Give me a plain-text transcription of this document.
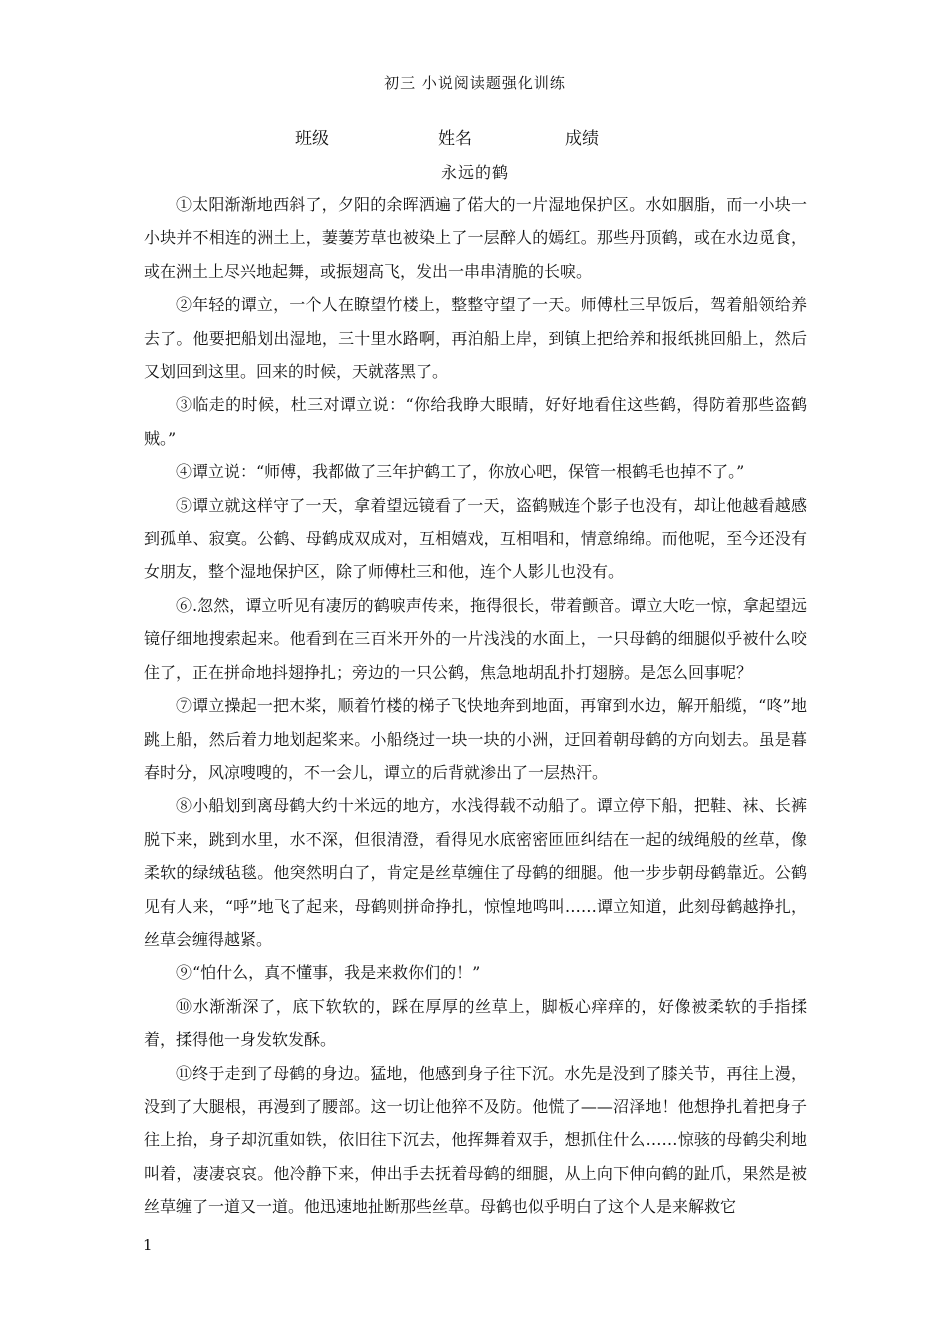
初三 小说阅读题强化训练
班级	姓名	成绩
永远的鹤

①太阳渐渐地西斜了，夕阳的余晖洒遍了偌大的一片湿地保护区。水如胭脂，而一小块一小块并不相连的洲土上，萋萋芳草也被染上了一层醉人的嫣红。那些丹顶鹤，或在水边觅食，或在洲土上尽兴地起舞，或振翅高飞，发出一串串清脆的长唳。

②年轻的谭立，一个人在瞭望竹楼上，整整守望了一天。师傅杜三早饭后，驾着船领给养去了。他要把船划出湿地，三十里水路啊，再泊船上岸，到镇上把给养和报纸挑回船上，然后又划回到这里。回来的时候，天就落黑了。

③临走的时候，杜三对谭立说：“你给我睁大眼睛，好好地看住这些鹤，得防着那些盗鹤贼。”

④谭立说：“师傅，我都做了三年护鹤工了，你放心吧，保管一根鹤毛也掉不了。”

⑤谭立就这样守了一天，拿着望远镜看了一天，盗鹤贼连个影子也没有，却让他越看越感到孤单、寂寞。公鹤、母鹤成双成对，互相嬉戏，互相唱和，情意绵绵。而他呢，至今还没有女朋友，整个湿地保护区，除了师傅杜三和他，连个人影儿也没有。

⑥.忽然，谭立听见有凄厉的鹤唳声传来，拖得很长，带着颤音。谭立大吃一惊，拿起望远镜仔细地搜索起来。他看到在三百米开外的一片浅浅的水面上，一只母鹤的细腿似乎被什么咬住了，正在拼命地抖翅挣扎；旁边的一只公鹤，焦急地胡乱扑打翅膀。是怎么回事呢？

⑦谭立操起一把木桨，顺着竹楼的梯子飞快地奔到地面，再窜到水边，解开船缆，“咚”地跳上船，然后着力地划起桨来。小船绕过一块一块的小洲，迂回着朝母鹤的方向划去。虽是暮春时分，风凉嗖嗖的，不一会儿，谭立的后背就渗出了一层热汗。

⑧小船划到离母鹤大约十米远的地方，水浅得载不动船了。谭立停下船，把鞋、袜、长裤脱下来，跳到水里，水不深，但很清澄，看得见水底密密匝匝纠结在一起的绒绳般的丝草，像柔软的绿绒毡毯。他突然明白了，肯定是丝草缠住了母鹤的细腿。他一步步朝母鹤靠近。公鹤见有人来，“呼”地飞了起来，母鹤则拼命挣扎，惊惶地鸣叫……谭立知道，此刻母鹤越挣扎，丝草会缠得越紧。

⑨“怕什么，真不懂事，我是来救你们的！”

⑩水渐渐深了，底下软软的，踩在厚厚的丝草上，脚板心痒痒的，好像被柔软的手指揉着，揉得他一身发软发酥。

⑪终于走到了母鹤的身边。猛地，他感到身子往下沉。水先是没到了膝关节，再往上漫，没到了大腿根，再漫到了腰部。这一切让他猝不及防。他慌了——沼泽地！他想挣扎着把身子往上抬，身子却沉重如铁，依旧往下沉去，他挥舞着双手，想抓住什么……惊骇的母鹤尖利地叫着，凄凄哀哀。他冷静下来，伸出手去抚着母鹤的细腿，从上向下伸向鹤的趾爪，果然是被丝草缠了一道又一道。他迅速地扯断那些丝草。母鹤也似乎明白了这个人是来解救它

1
